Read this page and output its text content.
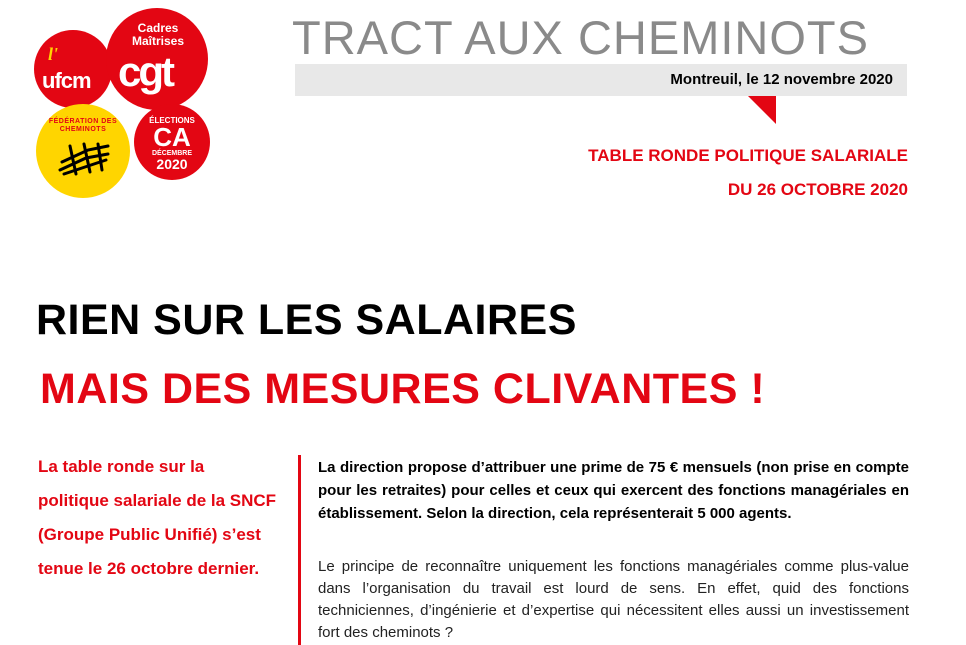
l'
ufcm
Cadres Maîtrises
cgt
FÉDÉRATION DES CHEMINOTS
ÉLECTIONS
CA
DÉCEMBRE
2020
TRACT AUX CHEMINOTS
Montreuil, le 12 novembre 2020
TABLE RONDE POLITIQUE SALARIALE
DU 26 OCTOBRE 2020
RIEN SUR LES SALAIRES
MAIS DES MESURES CLIVANTES !
La table ronde sur la politique salariale de la SNCF (Groupe Public Unifié) s’est tenue le 26 octobre dernier.
La direction propose d’attribuer une prime de 75 € mensuels (non prise en compte pour les retraites) pour celles et ceux qui exercent des fonctions managériales en établissement. Selon la direction, cela représenterait 5 000 agents.
Le principe de reconnaître uniquement les fonctions managériales comme plus-value dans l’organisation du travail est lourd de sens. En effet, quid des fonctions techniciennes, d’ingénierie et d’expertise qui nécessitent elles aussi un investissement fort des cheminots ?
